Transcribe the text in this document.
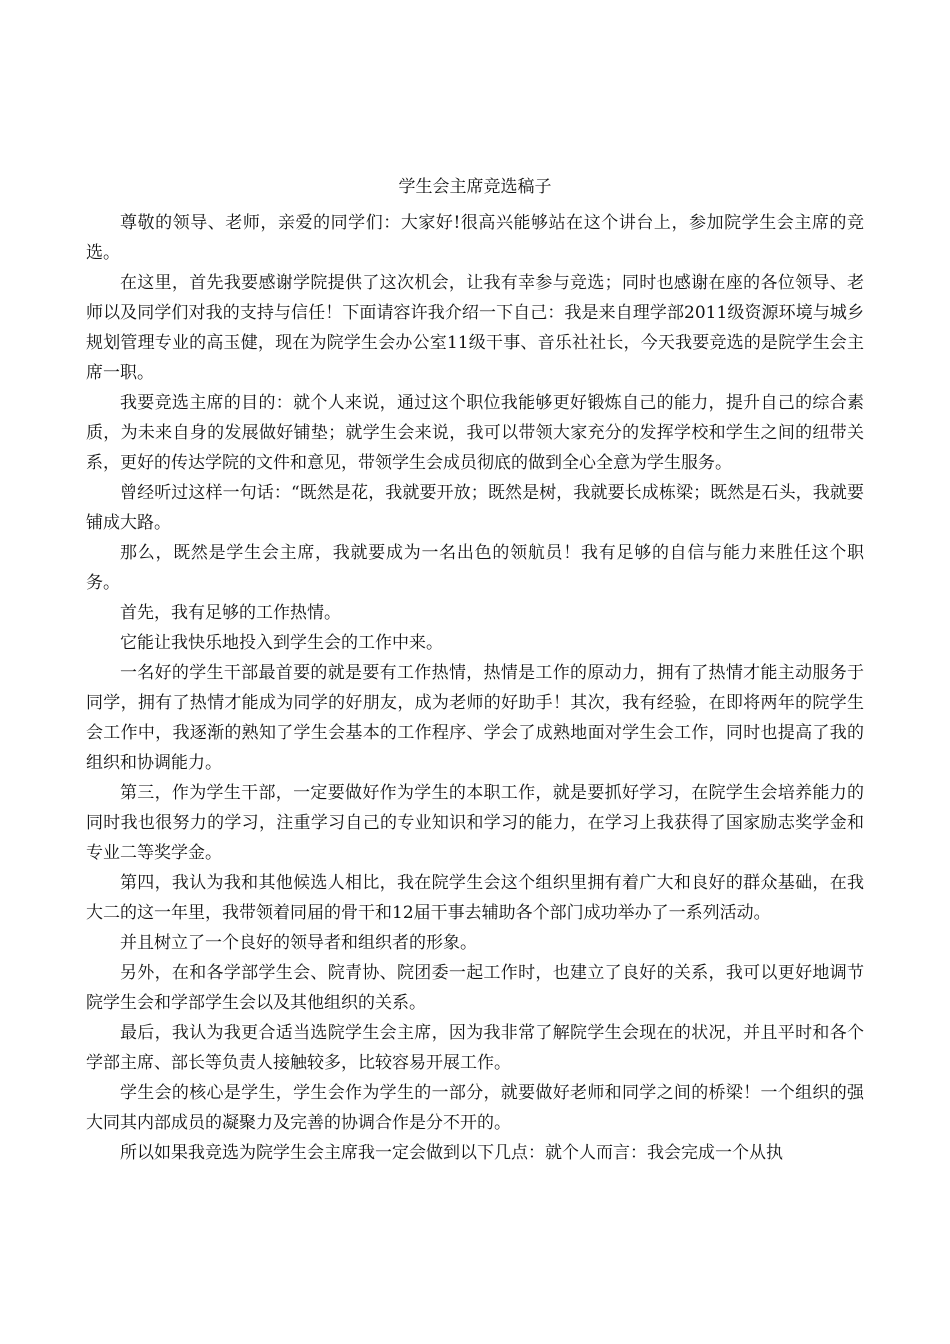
学生会主席竞选稿子

尊敬的领导、老师，亲爱的同学们：大家好!很高兴能够站在这个讲台上，参加院学生会主席的竞选。

在这里，首先我要感谢学院提供了这次机会，让我有幸参与竞选；同时也感谢在座的各位领导、老师以及同学们对我的支持与信任！下面请容许我介绍一下自己：我是来自理学部2011级资源环境与城乡规划管理专业的高玉健，现在为院学生会办公室11级干事、音乐社社长，今天我要竞选的是院学生会主席一职。

我要竞选主席的目的：就个人来说，通过这个职位我能够更好锻炼自己的能力，提升自己的综合素质，为未来自身的发展做好铺垫；就学生会来说，我可以带领大家充分的发挥学校和学生之间的纽带关系，更好的传达学院的文件和意见，带领学生会成员彻底的做到全心全意为学生服务。

曾经听过这样一句话：“既然是花，我就要开放；既然是树，我就要长成栋梁；既然是石头，我就要铺成大路。

那么，既然是学生会主席，我就要成为一名出色的领航员！我有足够的自信与能力来胜任这个职务。

首先，我有足够的工作热情。

它能让我快乐地投入到学生会的工作中来。

一名好的学生干部最首要的就是要有工作热情，热情是工作的原动力，拥有了热情才能主动服务于同学，拥有了热情才能成为同学的好朋友，成为老师的好助手！其次，我有经验，在即将两年的院学生会工作中，我逐渐的熟知了学生会基本的工作程序、学会了成熟地面对学生会工作，同时也提高了我的组织和协调能力。

第三，作为学生干部，一定要做好作为学生的本职工作，就是要抓好学习，在院学生会培养能力的同时我也很努力的学习，注重学习自己的专业知识和学习的能力，在学习上我获得了国家励志奖学金和专业二等奖学金。

第四，我认为我和其他候选人相比，我在院学生会这个组织里拥有着广大和良好的群众基础，在我大二的这一年里，我带领着同届的骨干和12届干事去辅助各个部门成功举办了一系列活动。

并且树立了一个良好的领导者和组织者的形象。

另外，在和各学部学生会、院青协、院团委一起工作时，也建立了良好的关系，我可以更好地调节院学生会和学部学生会以及其他组织的关系。

最后，我认为我更合适当选院学生会主席，因为我非常了解院学生会现在的状况，并且平时和各个学部主席、部长等负责人接触较多，比较容易开展工作。

学生会的核心是学生，学生会作为学生的一部分，就要做好老师和同学之间的桥梁！一个组织的强大同其内部成员的凝聚力及完善的协调合作是分不开的。

所以如果我竞选为院学生会主席我一定会做到以下几点：就个人而言：我会完成一个从执
